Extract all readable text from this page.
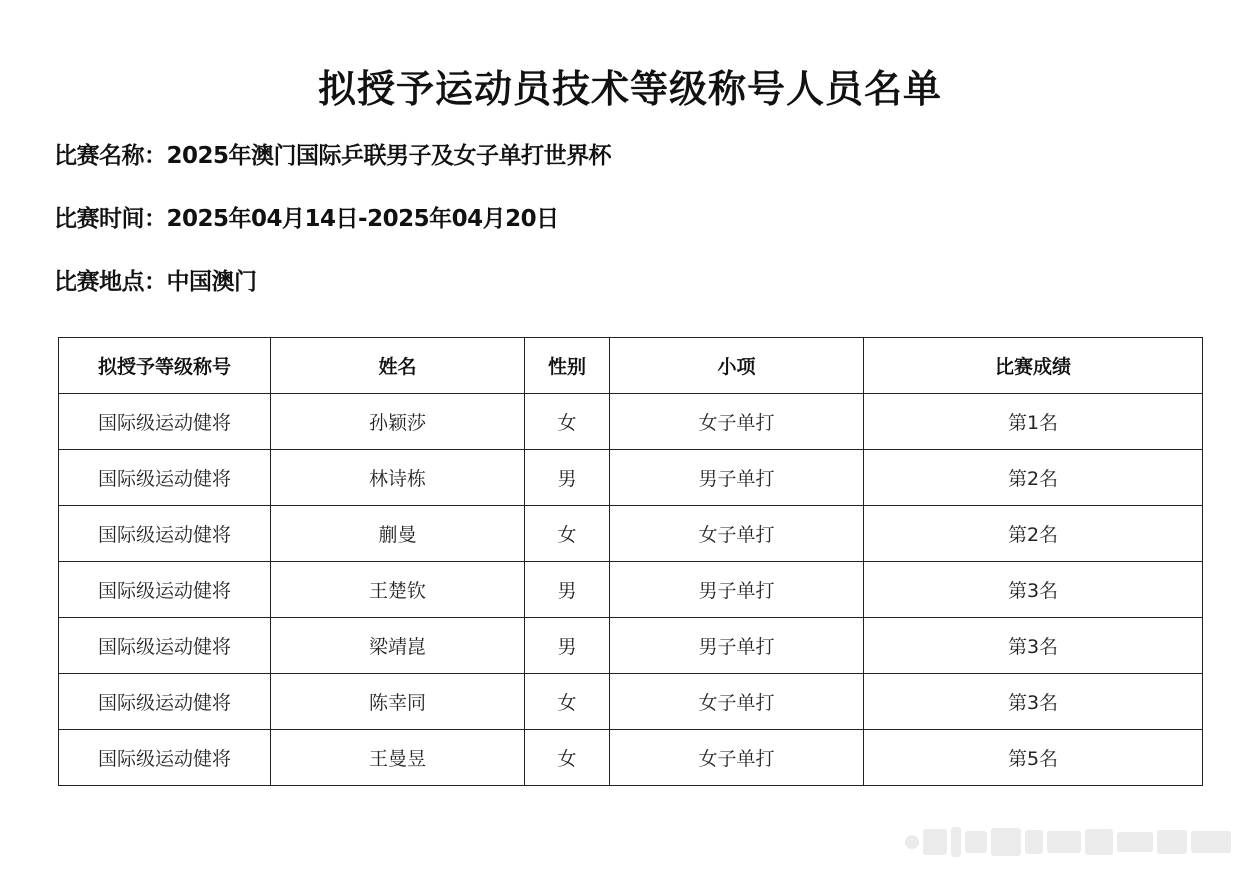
拟授予运动员技术等级称号人员名单
比赛名称：2025年澳门国际乒联男子及女子单打世界杯
比赛时间：2025年04月14日-2025年04月20日
比赛地点：中国澳门
拟授予等级称号	姓名	性别	小项	比赛成绩
国际级运动健将	孙颖莎	女	女子单打	第1名
国际级运动健将	林诗栋	男	男子单打	第2名
国际级运动健将	蒯曼	女	女子单打	第2名
国际级运动健将	王楚钦	男	男子单打	第3名
国际级运动健将	梁靖崑	男	男子单打	第3名
国际级运动健将	陈幸同	女	女子单打	第3名
国际级运动健将	王曼昱	女	女子单打	第5名
